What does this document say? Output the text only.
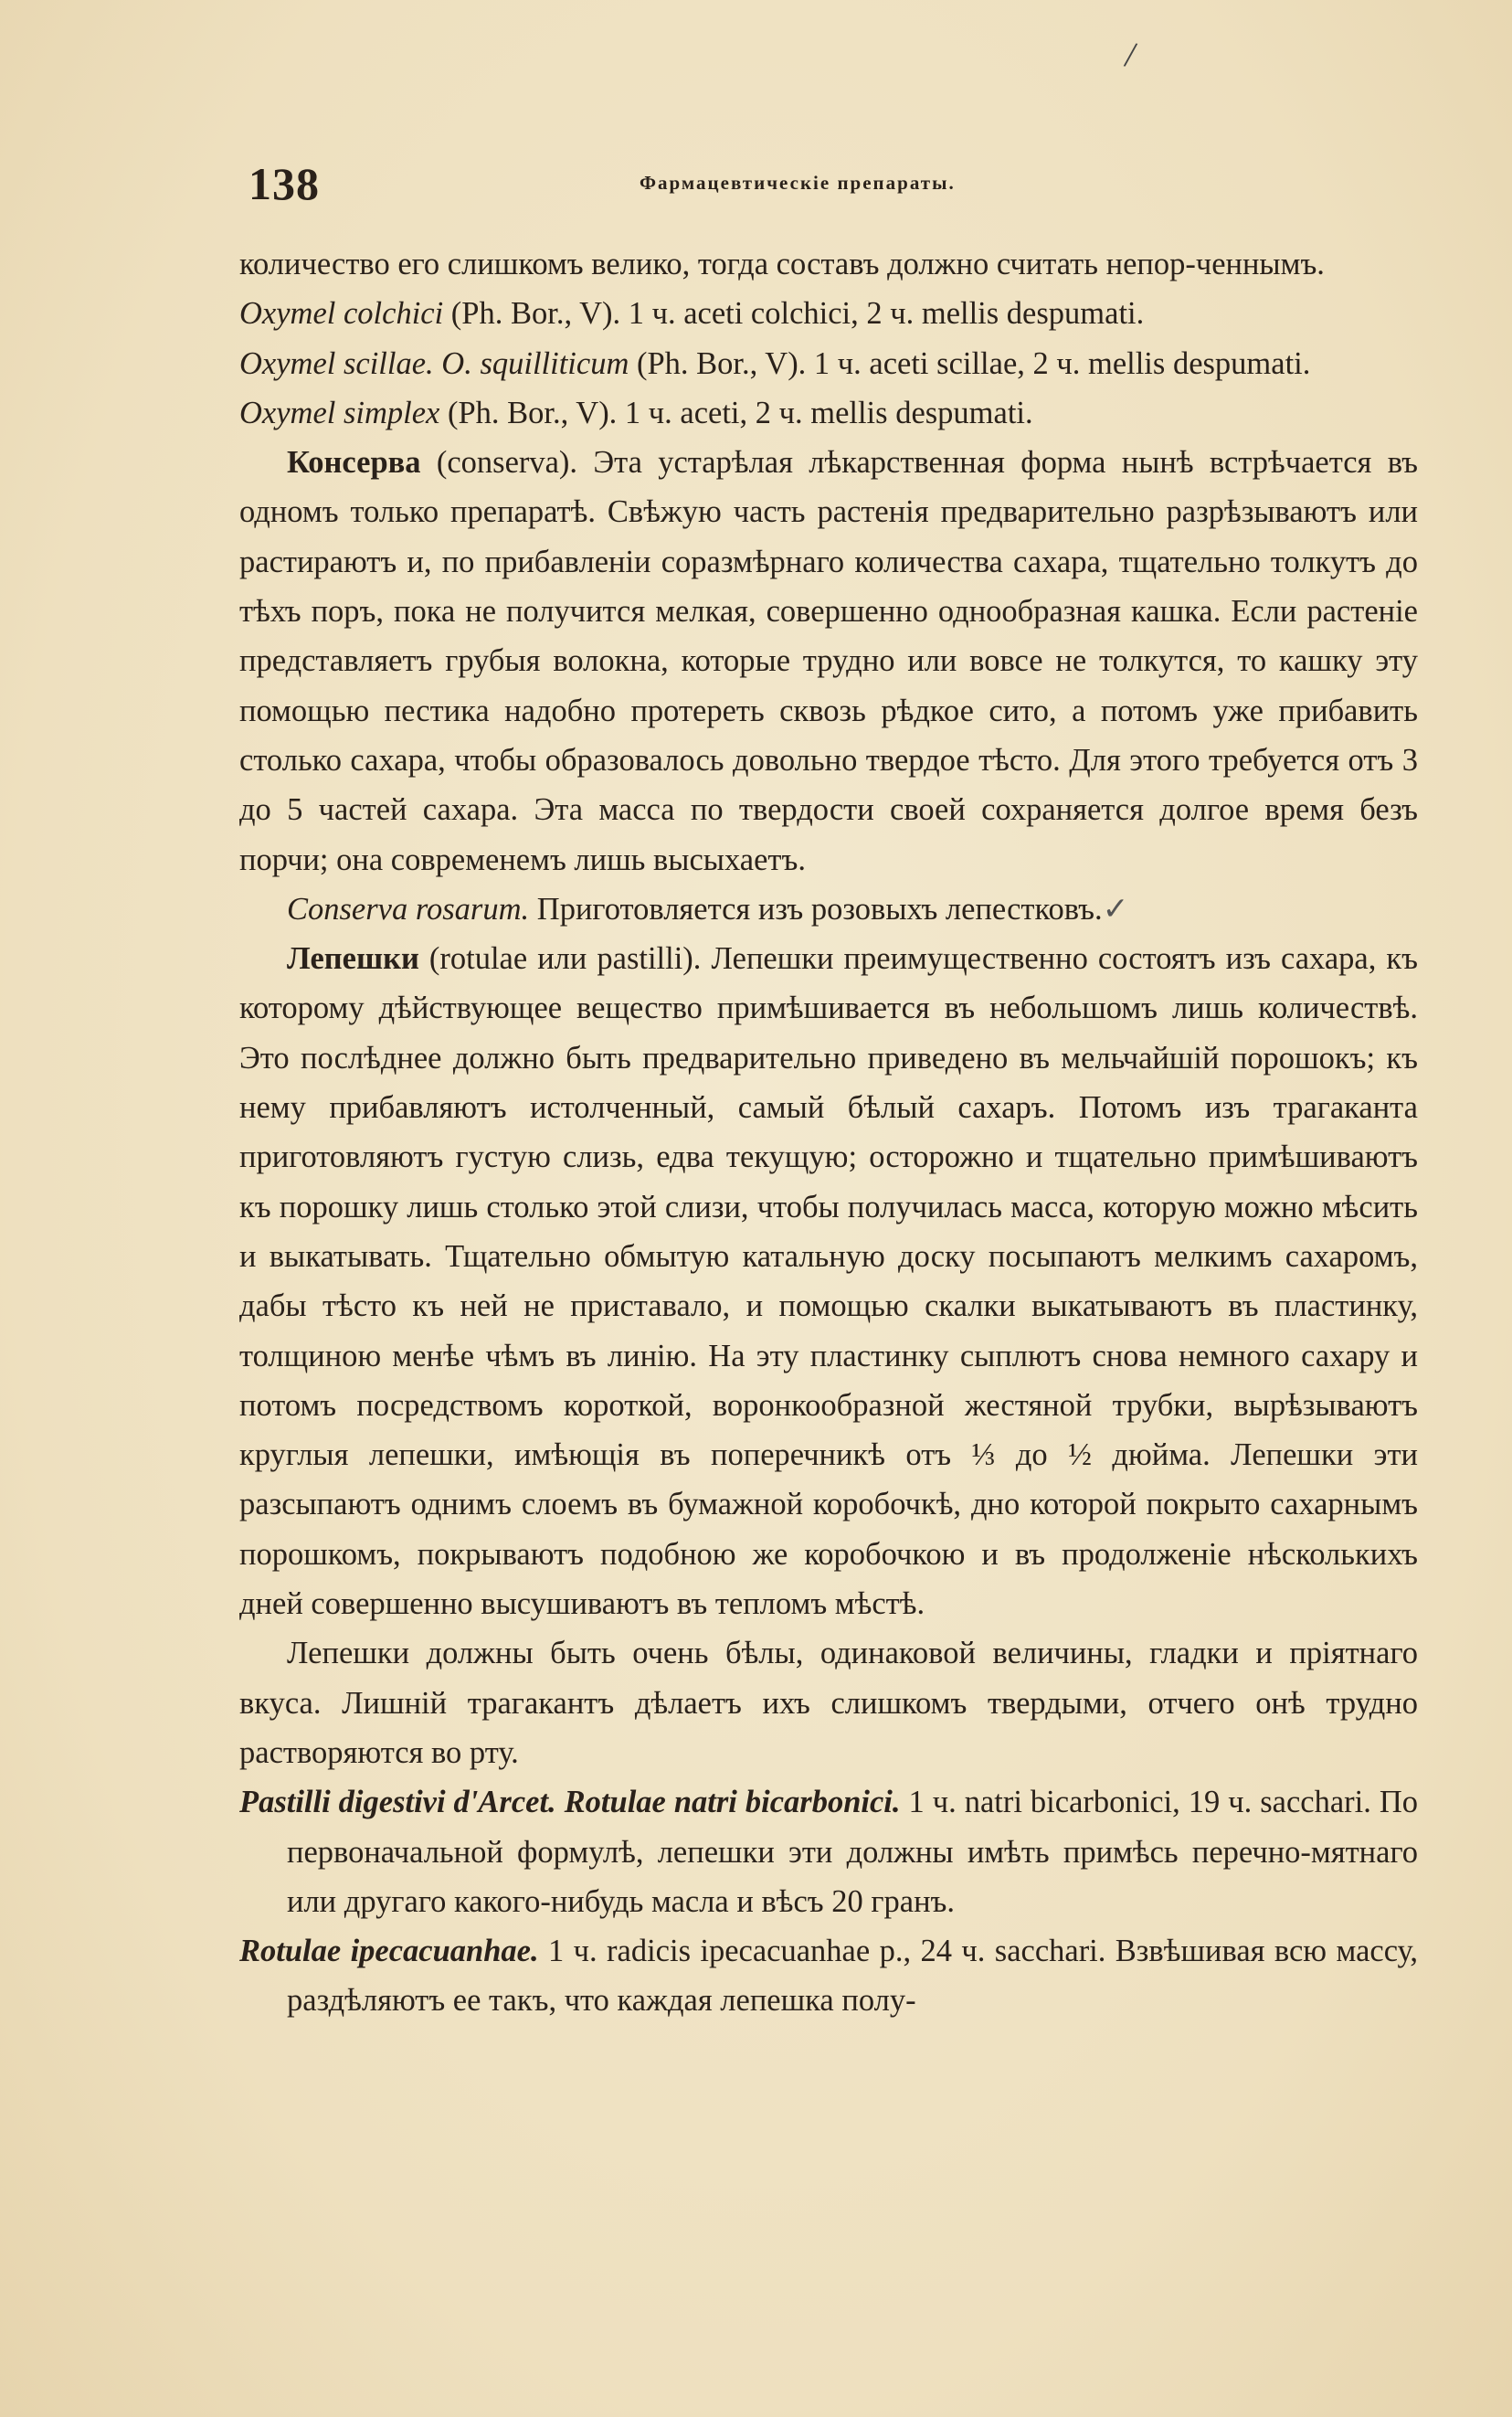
/
138	Фармацевтическіе препараты.

количество его слишкомъ велико, тогда составъ должно считать непор-ченнымъ.

Oxymel colchici (Ph. Bor., V). 1 ч. aceti colchici, 2 ч. mellis despumati.

Oxymel scillae. O. squilliticum (Ph. Bor., V). 1 ч. aceti scillae, 2 ч. mellis despumati.

Oxymel simplex (Ph. Bor., V). 1 ч. aceti, 2 ч. mellis despumati.

Консерва (conserva). Эта устарѣлая лѣкарственная форма нынѣ встрѣчается въ одномъ только препаратѣ. Свѣжую часть растенія предварительно разрѣзываютъ или растираютъ и, по прибавленіи соразмѣрнаго количества сахара, тщательно толкутъ до тѣхъ поръ, пока не получится мелкая, совершенно однообразная кашка. Если растеніе представляетъ грубыя волокна, которые трудно или вовсе не толкутся, то кашку эту помощью пестика надобно протереть сквозь рѣдкое сито, а потомъ уже прибавить столько сахара, чтобы образовалось довольно твердое тѣсто. Для этого требуется отъ 3 до 5 частей сахара. Эта масса по твердости своей сохраняется долгое время безъ порчи; она современемъ лишь высыхаетъ.

Conserva rosarum. Приготовляется изъ розовыхъ лепестковъ.✓

Лепешки (rotulae или pastilli). Лепешки преимущественно состоятъ изъ сахара, къ которому дѣйствующее вещество примѣшивается въ небольшомъ лишь количествѣ. Это послѣднее должно быть предварительно приведено въ мельчайшій порошокъ; къ нему прибавляютъ истолченный, самый бѣлый сахаръ. Потомъ изъ трагаканта приготовляютъ густую слизь, едва текущую; осторожно и тщательно примѣшиваютъ къ порошку лишь столько этой слизи, чтобы получилась масса, которую можно мѣсить и выкатывать. Тщательно обмытую катальную доску посыпаютъ мелкимъ сахаромъ, дабы тѣсто къ ней не приставало, и помощью скалки выкатываютъ въ пластинку, толщиною менѣе чѣмъ въ линію. На эту пластинку сыплютъ снова немного сахару и потомъ посредствомъ короткой, воронкообразной жестяной трубки, вырѣзываютъ круглыя лепешки, имѣющія въ поперечникѣ отъ ⅓ до ½ дюйма. Лепешки эти разсыпаютъ однимъ слоемъ въ бумажной коробочкѣ, дно которой покрыто сахарнымъ порошкомъ, покрываютъ подобною же коробочкою и въ продолженіе нѣсколькихъ дней совершенно высушиваютъ въ тепломъ мѣстѣ.

Лепешки должны быть очень бѣлы, одинаковой величины, гладки и пріятнаго вкуса. Лишній трагакантъ дѣлаетъ ихъ слишкомъ твердыми, отчего онѣ трудно растворяются во рту.

Pastilli digestivi d'Arcet. Rotulae natri bicarbonici. 1 ч. natri bicarbonici, 19 ч. sacchari. По первоначальной формулѣ, лепешки эти должны имѣть примѣсь перечно-мятнаго или другаго какого-нибудь масла и вѣсъ 20 гранъ.

Rotulae ipecacuanhae. 1 ч. radicis ipecacuanhae p., 24 ч. sacchari. Взвѣшивая всю массу, раздѣляютъ ее такъ, что каждая лепешка полу-
